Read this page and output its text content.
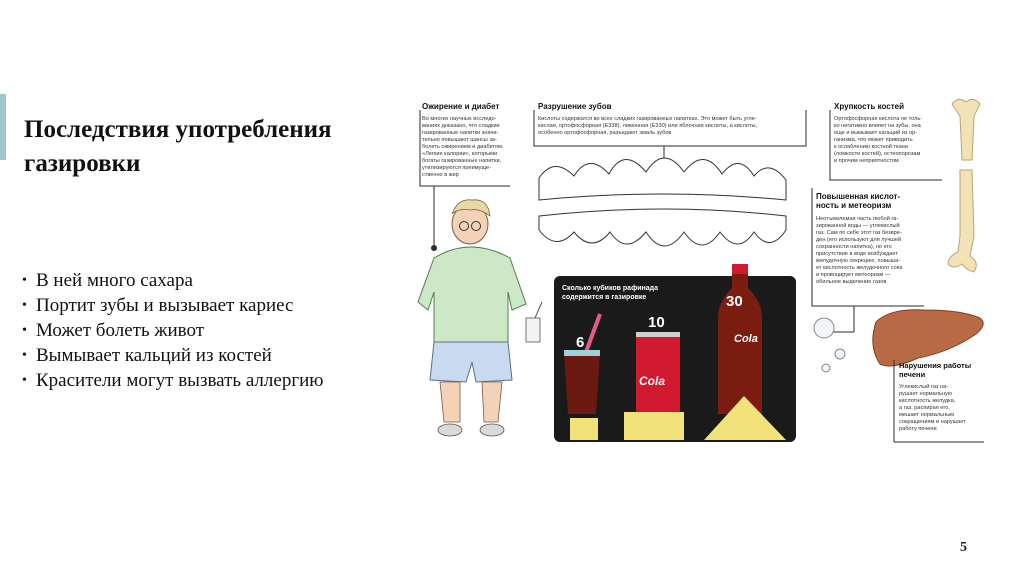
Последствия употребления газировки
• В ней много сахара
• Портит зубы и вызывает кариес
• Может болеть живот
• Вымывает кальций из костей
• Красители могут вызвать аллергию
Ожирение и диабет
Во многих научных исследо- ваниях доказано, что сладкие газированные напитки значи- тельно повышают шансы за- болеть ожирением и диабетом. «Легкие калории», которыми богаты газированные напитки, утилизируются преимуще- ственно в жир
Разрушение зубов
Кислоты содержатся во всех сладких газированных напитках. Это может быть угле- кислая, ортофосфорная (Е338), лимонная (Е330) или яблочная кислоты, а кислоты, особенно ортофосфорная, разъедают эмаль зубов
Хрупкость костей
Ортофосфорная кислота не толь- ко негативно влияет на зубы, она еще и вымывает кальций из ор- ганизма, что может приводить к ослаблению костной ткани (ломкости костей), остеопорозам и прочим неприятностям
Повышенная кислот- ность и метеоризм
Неотъемлемая часть любой га- зированной воды — углекислый газ. Сам по себе этот газ безвре- ден (его используют для лучшей сохранности напитка), но его присутствие в воде возбуждает желудочную секрецию, повыша- ет кислотность желудочного сока и провоцирует метеоризм — обильное выделение газов
Нарушения работы печени
Углекислый газ на- рушает нормальную кислотность желудка, а газ, распирая его, мешает нормальным сокращениям и нарушает работу печени
Сколько кубиков рафинада содержится в газировке
6
Cola
10
30
Cola
5
